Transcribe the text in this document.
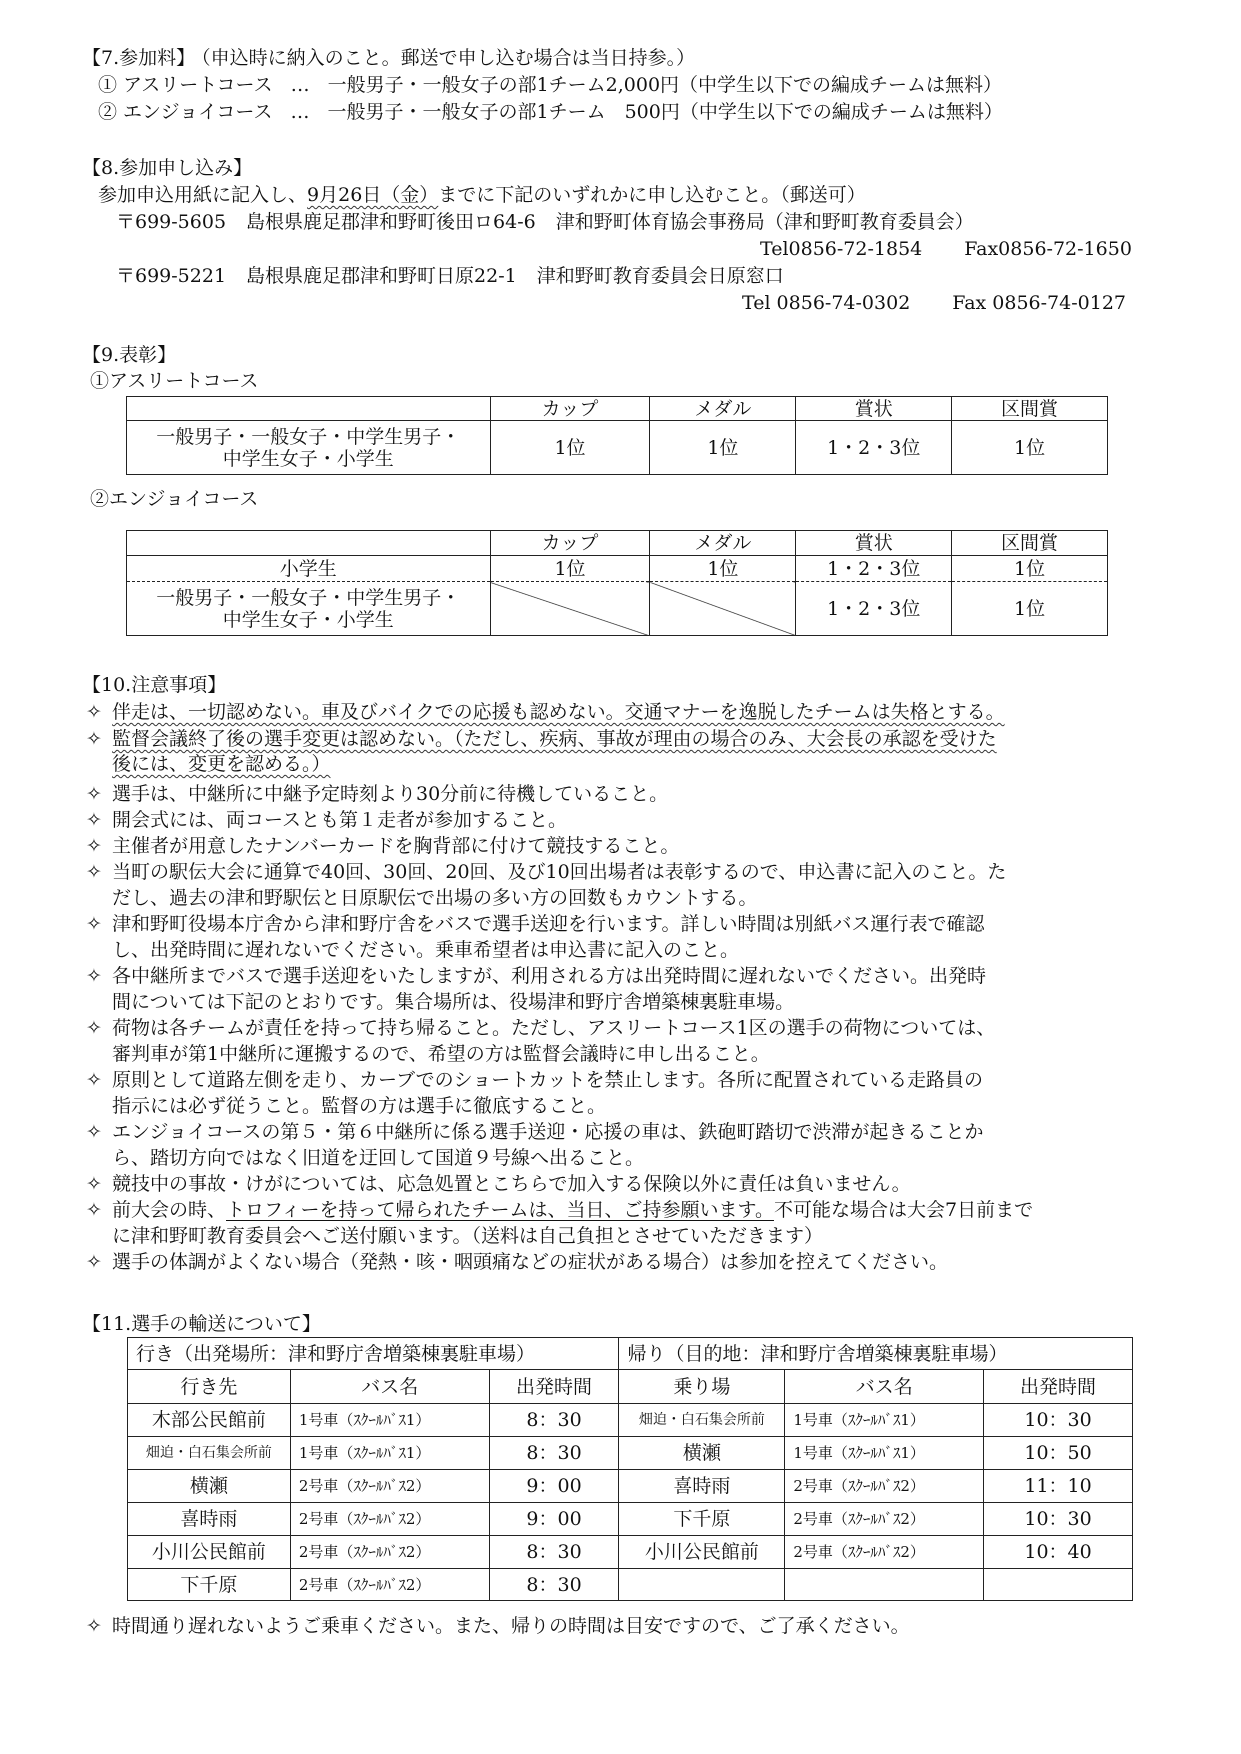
【7.参加料】 （申込時に納入のこと。郵送で申し込む場合は当日持参。）
① アスリートコース … 一般男子・一般女子の部1チーム2,000円（中学生以下での編成チームは無料）
② エンジョイコース … 一般男子・一般女子の部1チーム　500円（中学生以下での編成チームは無料）
【8.参加申し込み】
参加申込用紙に記入し、9月26日（金）までに下記のいずれかに申し込むこと。（郵送可）
〒699-5605 島根県鹿足郡津和野町後田ロ64-6 津和野町体育協会事務局（津和野町教育委員会）
Tel0856-72-1854 Fax0856-72-1650
〒699-5221 島根県鹿足郡津和野町日原22-1 津和野町教育委員会日原窓口
Tel 0856-74-0302 Fax 0856-74-0127
【9.表彰】
①アスリートコース
	カップ	メダル	賞状	区間賞

一般男子・一般女子・中学生男子・
中学生女子・小学生	1位	1位	1・2・3位	1位
②エンジョイコース
	カップ	メダル	賞状	区間賞
小学生	1位	1位	1・2・3位	1位

一般男子・一般女子・中学生男子・
中学生女子・小学生			1・2・3位	1位
【10.注意事項】
✧ 伴走は、一切認めない。車及びバイクでの応援も認めない。交通マナーを逸脱したチームは失格とする。
✧ 監督会議終了後の選手変更は認めない。（ただし、疾病、事故が理由の場合のみ、大会長の承認を受けた
後には、変更を認める。）
✧ 選手は、中継所に中継予定時刻より30分前に待機していること。
✧ 開会式には、両コースとも第１走者が参加すること。
✧ 主催者が用意したナンバーカードを胸背部に付けて競技すること。
✧ 当町の駅伝大会に通算で40回、30回、20回、及び10回出場者は表彰するので、申込書に記入のこと。た
だし、過去の津和野駅伝と日原駅伝で出場の多い方の回数もカウントする。
✧ 津和野町役場本庁舎から津和野庁舎をバスで選手送迎を行います。詳しい時間は別紙バス運行表で確認
し、出発時間に遅れないでください。乗車希望者は申込書に記入のこと。
✧ 各中継所までバスで選手送迎をいたしますが、利用される方は出発時間に遅れないでください。出発時
間については下記のとおりです。集合場所は、役場津和野庁舎増築棟裏駐車場。
✧ 荷物は各チームが責任を持って持ち帰ること。ただし、アスリートコース1区の選手の荷物については、
審判車が第1中継所に運搬するので、希望の方は監督会議時に申し出ること。
✧ 原則として道路左側を走り、カーブでのショートカットを禁止します。各所に配置されている走路員の
指示には必ず従うこと。監督の方は選手に徹底すること。
✧ エンジョイコースの第５・第６中継所に係る選手送迎・応援の車は、鉄砲町踏切で渋滞が起きることか
ら、踏切方向ではなく旧道を迂回して国道９号線へ出ること。
✧ 競技中の事故・けがについては、応急処置とこちらで加入する保険以外に責任は負いません。
✧ 前大会の時、トロフィーを持って帰られたチームは、当日、ご持参願います。不可能な場合は大会7日前まで
に津和野町教育委員会へご送付願います。（送料は自己負担とさせていただきます）
✧ 選手の体調がよくない場合（発熱・咳・咽頭痛などの症状がある場合）は参加を控えてください。
【11.選手の輸送について】
行き（出発場所：津和野庁舎増築棟裏駐車場）			帰り（目的地：津和野庁舎増築棟裏駐車場）		
行き先	バス名	出発時間	乗り場	バス名	出発時間
木部公民館前	1号車（ｽｸｰﾙﾊﾞｽ1）	8：30	畑迫・白石集会所前	1号車（ｽｸｰﾙﾊﾞｽ1）	10：30
畑迫・白石集会所前	1号車（ｽｸｰﾙﾊﾞｽ1）	8：30	横瀬	1号車（ｽｸｰﾙﾊﾞｽ1）	10：50
横瀬	2号車（ｽｸｰﾙﾊﾞｽ2）	9：00	喜時雨	2号車（ｽｸｰﾙﾊﾞｽ2）	11：10
喜時雨	2号車（ｽｸｰﾙﾊﾞｽ2）	9：00	下千原	2号車（ｽｸｰﾙﾊﾞｽ2）	10：30
小川公民館前	2号車（ｽｸｰﾙﾊﾞｽ2）	8：30	小川公民館前	2号車（ｽｸｰﾙﾊﾞｽ2）	10：40
下千原	2号車（ｽｸｰﾙﾊﾞｽ2）	8：30			
✧ 時間通り遅れないようご乗車ください。また、帰りの時間は目安ですので、ご了承ください。
